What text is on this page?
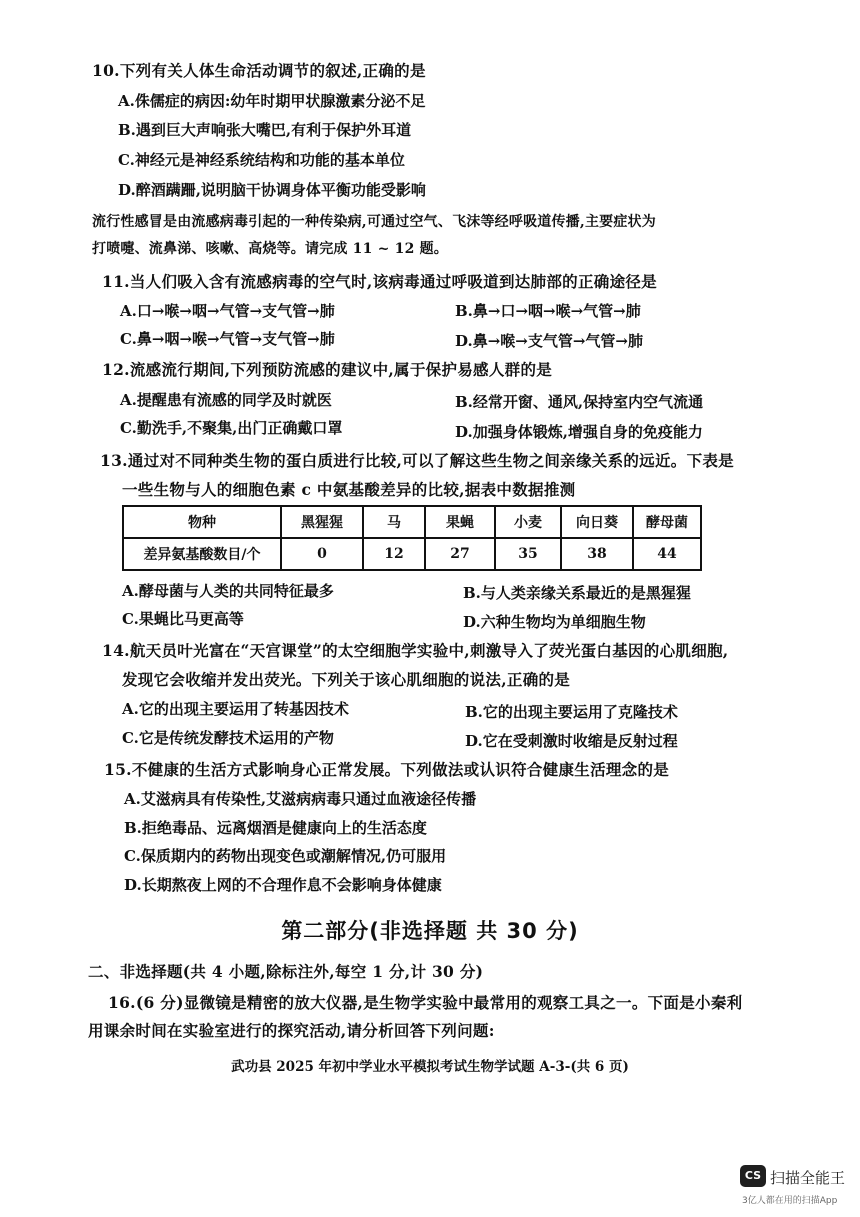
10.下列有关人体生命活动调节的叙述,正确的是
A.侏儒症的病因:幼年时期甲状腺激素分泌不足
B.遇到巨大声响张大嘴巴,有利于保护外耳道
C.神经元是神经系统结构和功能的基本单位
D.醉酒蹒跚,说明脑干协调身体平衡功能受影响
流行性感冒是由流感病毒引起的一种传染病,可通过空气、飞沫等经呼吸道传播,主要症状为
打喷嚏、流鼻涕、咳嗽、高烧等。请完成 11 ~ 12 题。
11.当人们吸入含有流感病毒的空气时,该病毒通过呼吸道到达肺部的正确途径是
A.口→喉→咽→气管→支气管→肺	B.鼻→口→咽→喉→气管→肺
C.鼻→咽→喉→气管→支气管→肺	D.鼻→喉→支气管→气管→肺
12.流感流行期间,下列预防流感的建议中,属于保护易感人群的是
A.提醒患有流感的同学及时就医	B.经常开窗、通风,保持室内空气流通
C.勤洗手,不聚集,出门正确戴口罩	D.加强身体锻炼,增强自身的免疫能力
13.通过对不同种类生物的蛋白质进行比较,可以了解这些生物之间亲缘关系的远近。下表是
一些生物与人的细胞色素 c 中氨基酸差异的比较,据表中数据推测
物种	黑猩猩	马	果蝇	小麦	向日葵	酵母菌
差异氨基酸数目/个	0	12	27	35	38	44
A.酵母菌与人类的共同特征最多	B.与人类亲缘关系最近的是黑猩猩
C.果蝇比马更高等	D.六种生物均为单细胞生物
14.航天员叶光富在“天宫课堂”的太空细胞学实验中,刺激导入了荧光蛋白基因的心肌细胞,
发现它会收缩并发出荧光。下列关于该心肌细胞的说法,正确的是
A.它的出现主要运用了转基因技术	B.它的出现主要运用了克隆技术
C.它是传统发酵技术运用的产物	D.它在受刺激时收缩是反射过程
15.不健康的生活方式影响身心正常发展。下列做法或认识符合健康生活理念的是
A.艾滋病具有传染性,艾滋病病毒只通过血液途径传播
B.拒绝毒品、远离烟酒是健康向上的生活态度
C.保质期内的药物出现变色或潮解情况,仍可服用
D.长期熬夜上网的不合理作息不会影响身体健康
第二部分(非选择题 共 30 分)
二、非选择题(共 4 小题,除标注外,每空 1 分,计 30 分)
16.(6 分)显微镜是精密的放大仪器,是生物学实验中最常用的观察工具之一。下面是小秦利
用课余时间在实验室进行的探究活动,请分析回答下列问题:
武功县 2025 年初中学业水平模拟考试生物学试题 A-3-(共 6 页)
CS 扫描全能王
3亿人都在用的扫描App
